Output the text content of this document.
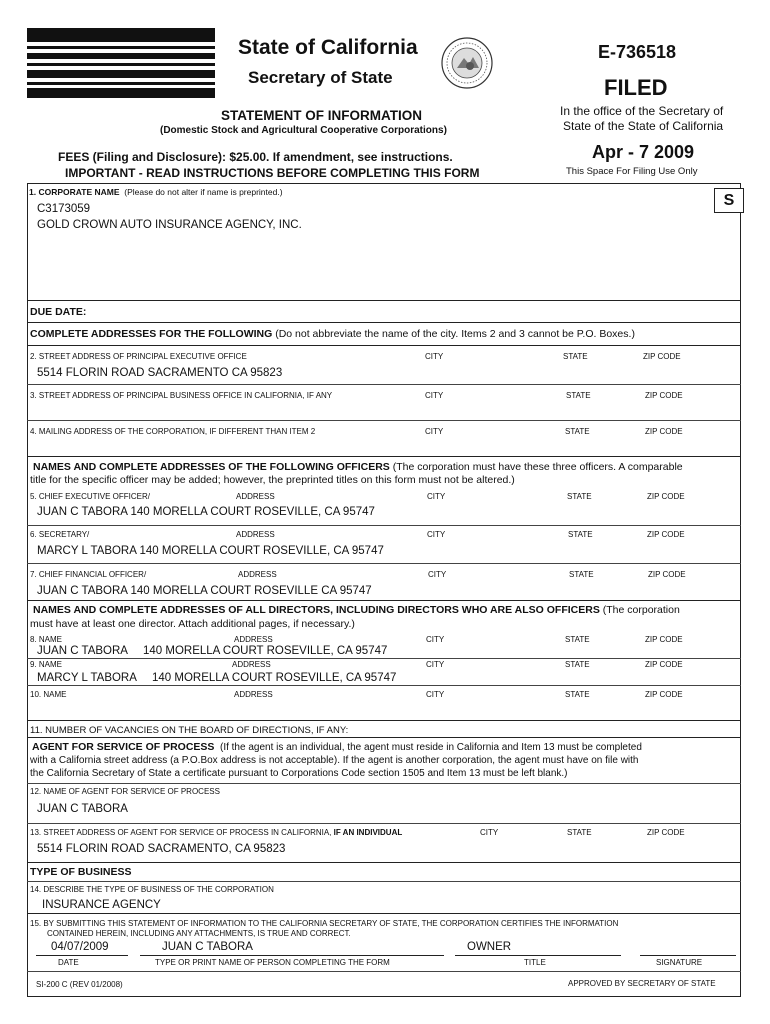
State of California
Secretary of State
E-736518
FILED
In the office of the Secretary of
State of the State of California
Apr - 7 2009
This Space For Filing Use Only
STATEMENT OF INFORMATION
(Domestic Stock and Agricultural Cooperative Corporations)
FEES (Filing and Disclosure): $25.00. If amendment, see instructions.
IMPORTANT - READ INSTRUCTIONS BEFORE COMPLETING THIS FORM
S
1. CORPORATE NAME (Please do not alter if name is preprinted.)
C3173059
GOLD CROWN AUTO INSURANCE AGENCY, INC.
DUE DATE:
COMPLETE ADDRESSES FOR THE FOLLOWING (Do not abbreviate the name of the city. Items 2 and 3 cannot be P.O. Boxes.)
2. STREET ADDRESS OF PRINCIPAL EXECUTIVE OFFICE	CITY	STATE	ZIP CODE
5514 FLORIN ROAD SACRAMENTO CA 95823
3. STREET ADDRESS OF PRINCIPAL BUSINESS OFFICE IN CALIFORNIA, IF ANY	CITY	STATE	ZIP CODE
4. MAILING ADDRESS OF THE CORPORATION, IF DIFFERENT THAN ITEM 2	CITY	STATE	ZIP CODE
NAMES AND COMPLETE ADDRESSES OF THE FOLLOWING OFFICERS (The corporation must have these three officers. A comparable
title for the specific officer may be added; however, the preprinted titles on this form must not be altered.)
5. CHIEF EXECUTIVE OFFICER/	ADDRESS	CITY	STATE	ZIP CODE
JUAN C TABORA 140 MORELLA COURT ROSEVILLE, CA 95747
6. SECRETARY/	ADDRESS	CITY	STATE	ZIP CODE
MARCY L TABORA 140 MORELLA COURT ROSEVILLE, CA 95747
7. CHIEF FINANCIAL OFFICER/	ADDRESS	CITY	STATE	ZIP CODE
JUAN C TABORA 140 MORELLA COURT ROSEVILLE CA 95747
NAMES AND COMPLETE ADDRESSES OF ALL DIRECTORS, INCLUDING DIRECTORS WHO ARE ALSO OFFICERS (The corporation
must have at least one director. Attach additional pages, if necessary.)
8. NAME	ADDRESS	CITY	STATE	ZIP CODE
JUAN C TABORA 140 MORELLA COURT ROSEVILLE, CA 95747
9. NAME	ADDRESS	CITY	STATE	ZIP CODE
MARCY L TABORA 140 MORELLA COURT ROSEVILLE, CA 95747
10. NAME	ADDRESS	CITY	STATE	ZIP CODE
11. NUMBER OF VACANCIES ON THE BOARD OF DIRECTIONS, IF ANY:
AGENT FOR SERVICE OF PROCESS (If the agent is an individual, the agent must reside in California and Item 13 must be completed
with a California street address (a P.O.Box address is not acceptable). If the agent is another corporation, the agent must have on file with
the California Secretary of State a certificate pursuant to Corporations Code section 1505 and Item 13 must be left blank.)
12. NAME OF AGENT FOR SERVICE OF PROCESS
JUAN C TABORA
13. STREET ADDRESS OF AGENT FOR SERVICE OF PROCESS IN CALIFORNIA, IF AN INDIVIDUAL	CITY	STATE	ZIP CODE
5514 FLORIN ROAD SACRAMENTO, CA 95823
TYPE OF BUSINESS
14. DESCRIBE THE TYPE OF BUSINESS OF THE CORPORATION
INSURANCE AGENCY
15. BY SUBMITTING THIS STATEMENT OF INFORMATION TO THE CALIFORNIA SECRETARY OF STATE, THE CORPORATION CERTIFIES THE INFORMATION
CONTAINED HEREIN, INCLUDING ANY ATTACHMENTS, IS TRUE AND CORRECT.
04/07/2009	JUAN C TABORA	OWNER
DATE	TYPE OR PRINT NAME OF PERSON COMPLETING THE FORM	TITLE	SIGNATURE
SI-200 C (REV 01/2008)	APPROVED BY SECRETARY OF STATE
